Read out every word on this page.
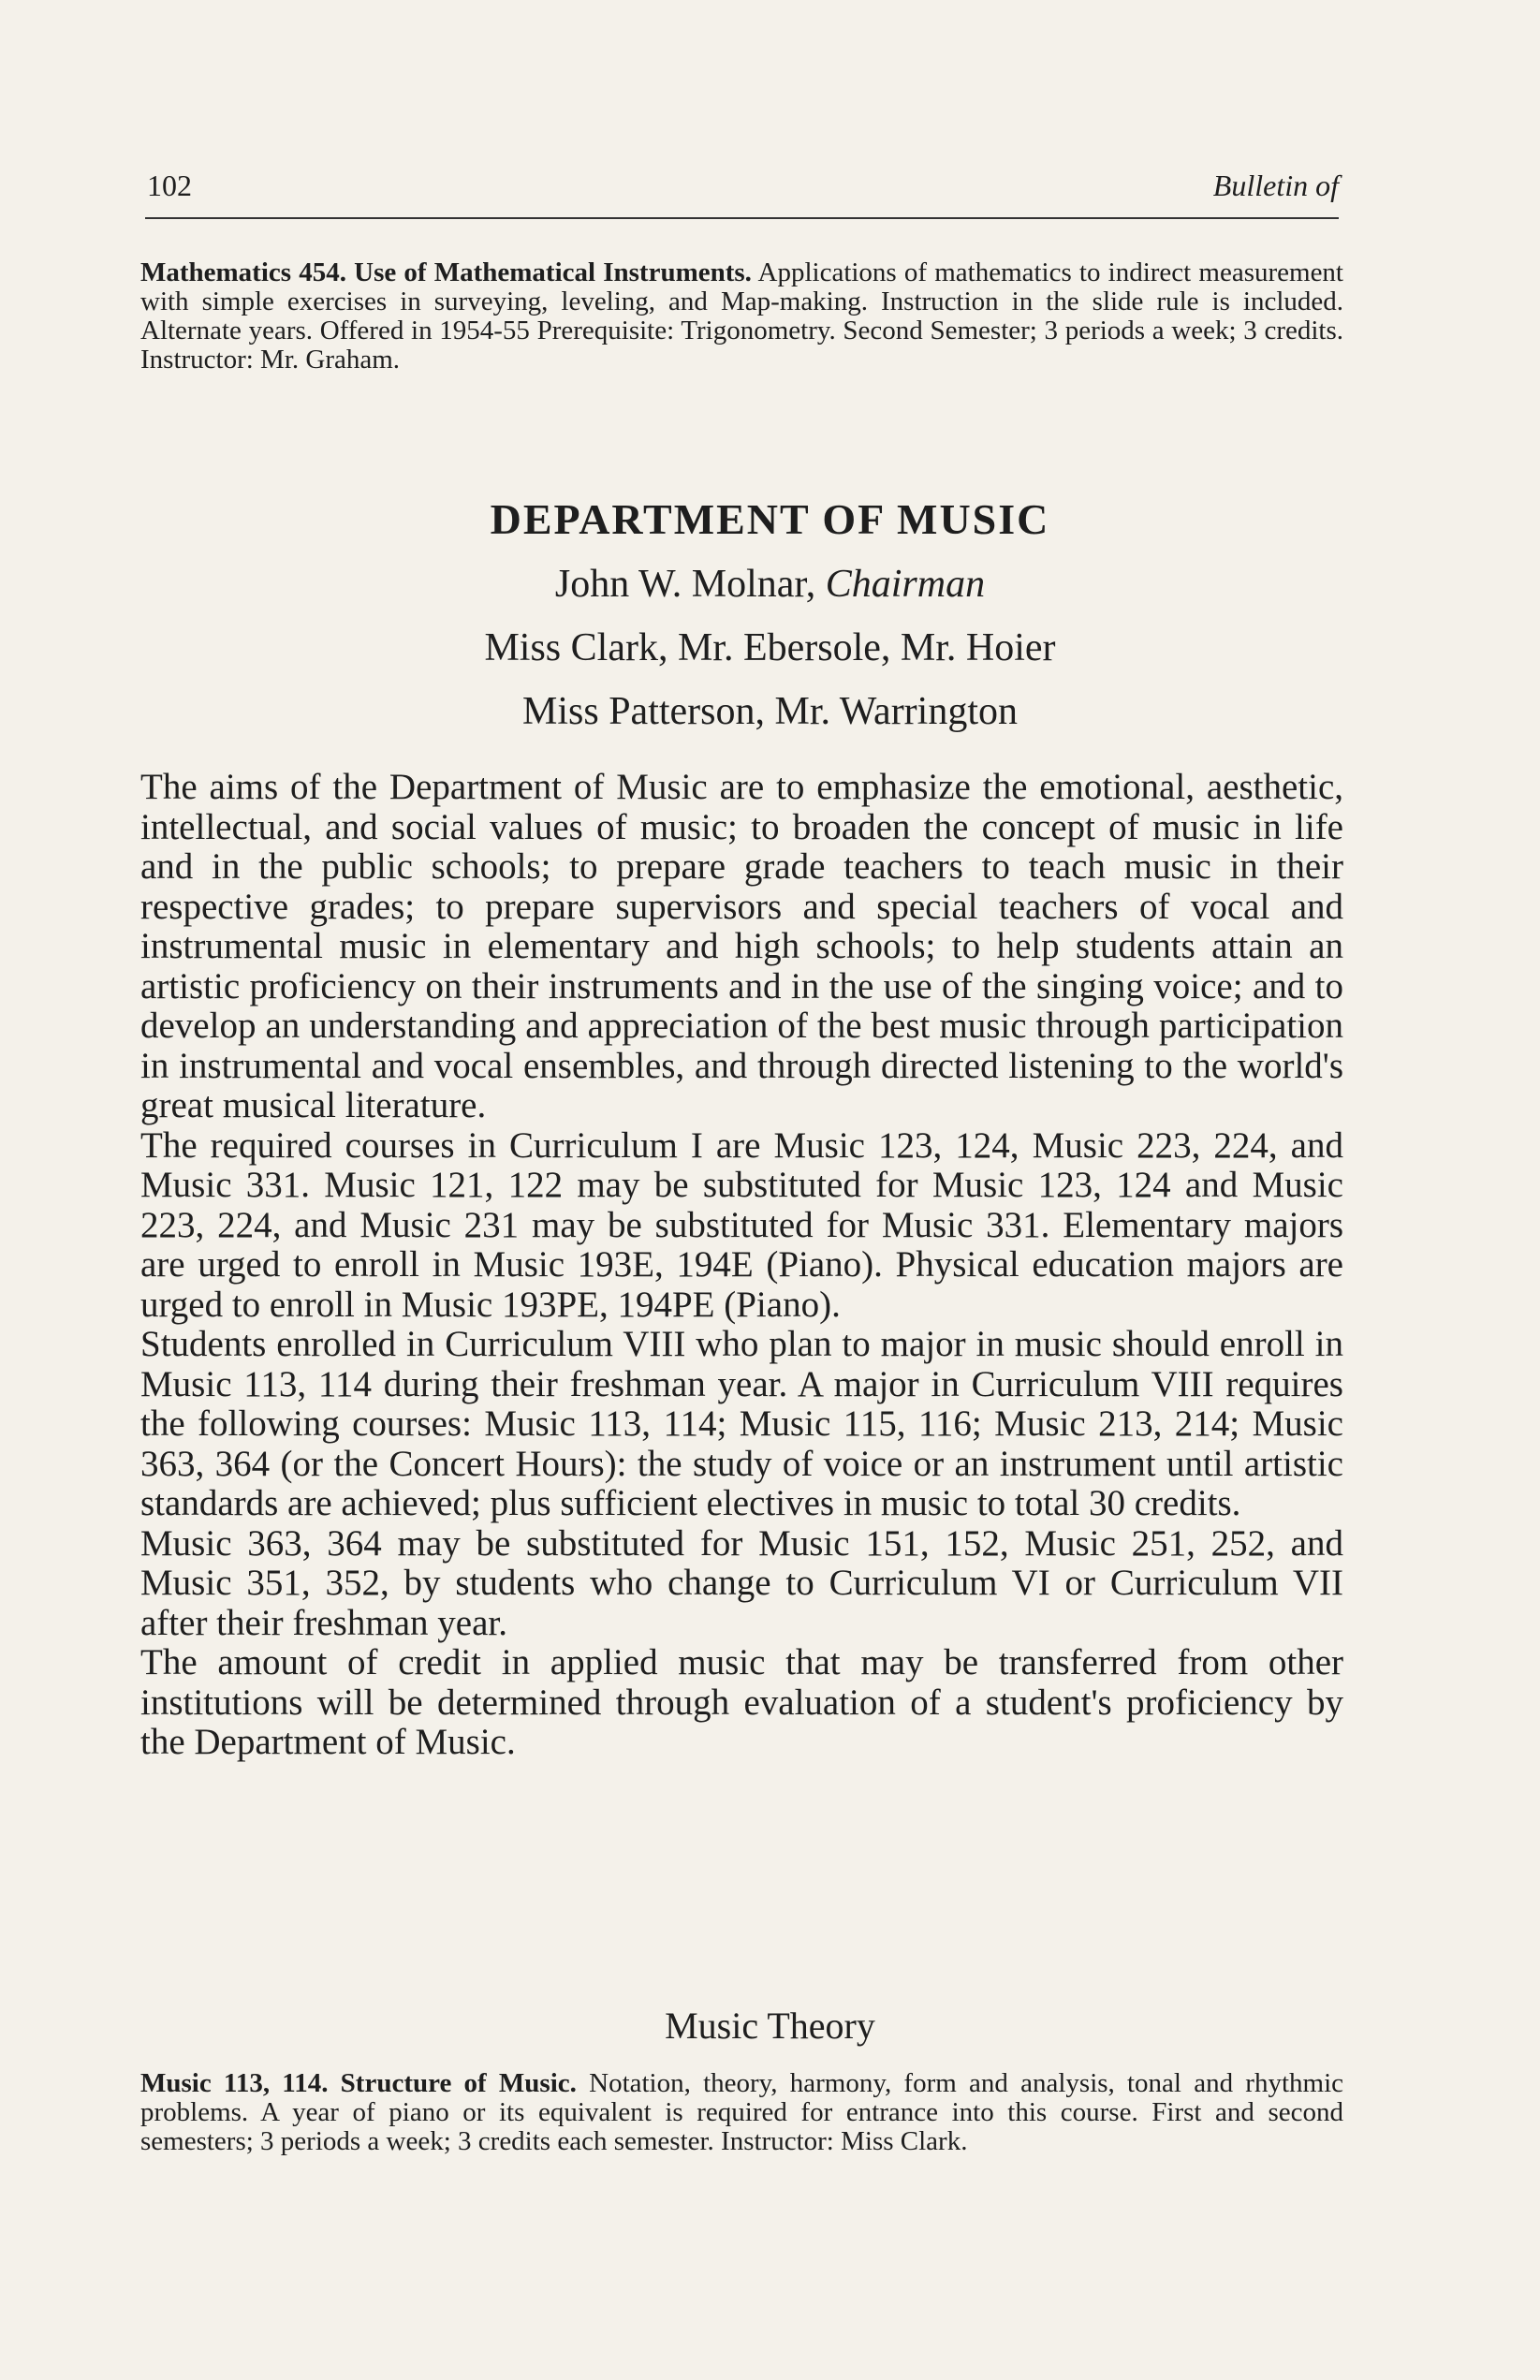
102	Bulletin of
Mathematics 454. Use of Mathematical Instruments. Applications of mathematics to indirect measurement with simple exercises in surveying, leveling, and Map-making. Instruction in the slide rule is included. Alternate years. Offered in 1954-55 Prerequisite: Trigonometry. Second Semester; 3 periods a week; 3 credits. Instructor: Mr. Graham.
DEPARTMENT OF MUSIC
John W. Molnar, Chairman
Miss Clark, Mr. Ebersole, Mr. Hoier
Miss Patterson, Mr. Warrington

The aims of the Department of Music are to emphasize the emotional, aesthetic, intellectual, and social values of music; to broaden the concept of music in life and in the public schools; to prepare grade teachers to teach music in their respective grades; to prepare supervisors and special teachers of vocal and instrumental music in elementary and high schools; to help students attain an artistic proficiency on their instruments and in the use of the singing voice; and to develop an understanding and appreciation of the best music through participation in instrumental and vocal ensembles, and through directed listening to the world's great musical literature.

The required courses in Curriculum I are Music 123, 124, Music 223, 224, and Music 331. Music 121, 122 may be substituted for Music 123, 124 and Music 223, 224, and Music 231 may be substituted for Music 331. Elementary majors are urged to enroll in Music 193E, 194E (Piano). Physical education majors are urged to enroll in Music 193PE, 194PE (Piano).

Students enrolled in Curriculum VIII who plan to major in music should enroll in Music 113, 114 during their freshman year. A major in Curriculum VIII requires the following courses: Music 113, 114; Music 115, 116; Music 213, 214; Music 363, 364 (or the Concert Hours): the study of voice or an instrument until artistic standards are achieved; plus sufficient electives in music to total 30 credits.

Music 363, 364 may be substituted for Music 151, 152, Music 251, 252, and Music 351, 352, by students who change to Curriculum VI or Curriculum VII after their freshman year.

The amount of credit in applied music that may be transferred from other institutions will be determined through evaluation of a student's proficiency by the Department of Music.

Music Theory
Music 113, 114. Structure of Music. Notation, theory, harmony, form and analysis, tonal and rhythmic problems. A year of piano or its equivalent is required for entrance into this course. First and second semesters; 3 periods a week; 3 credits each semester. Instructor: Miss Clark.
